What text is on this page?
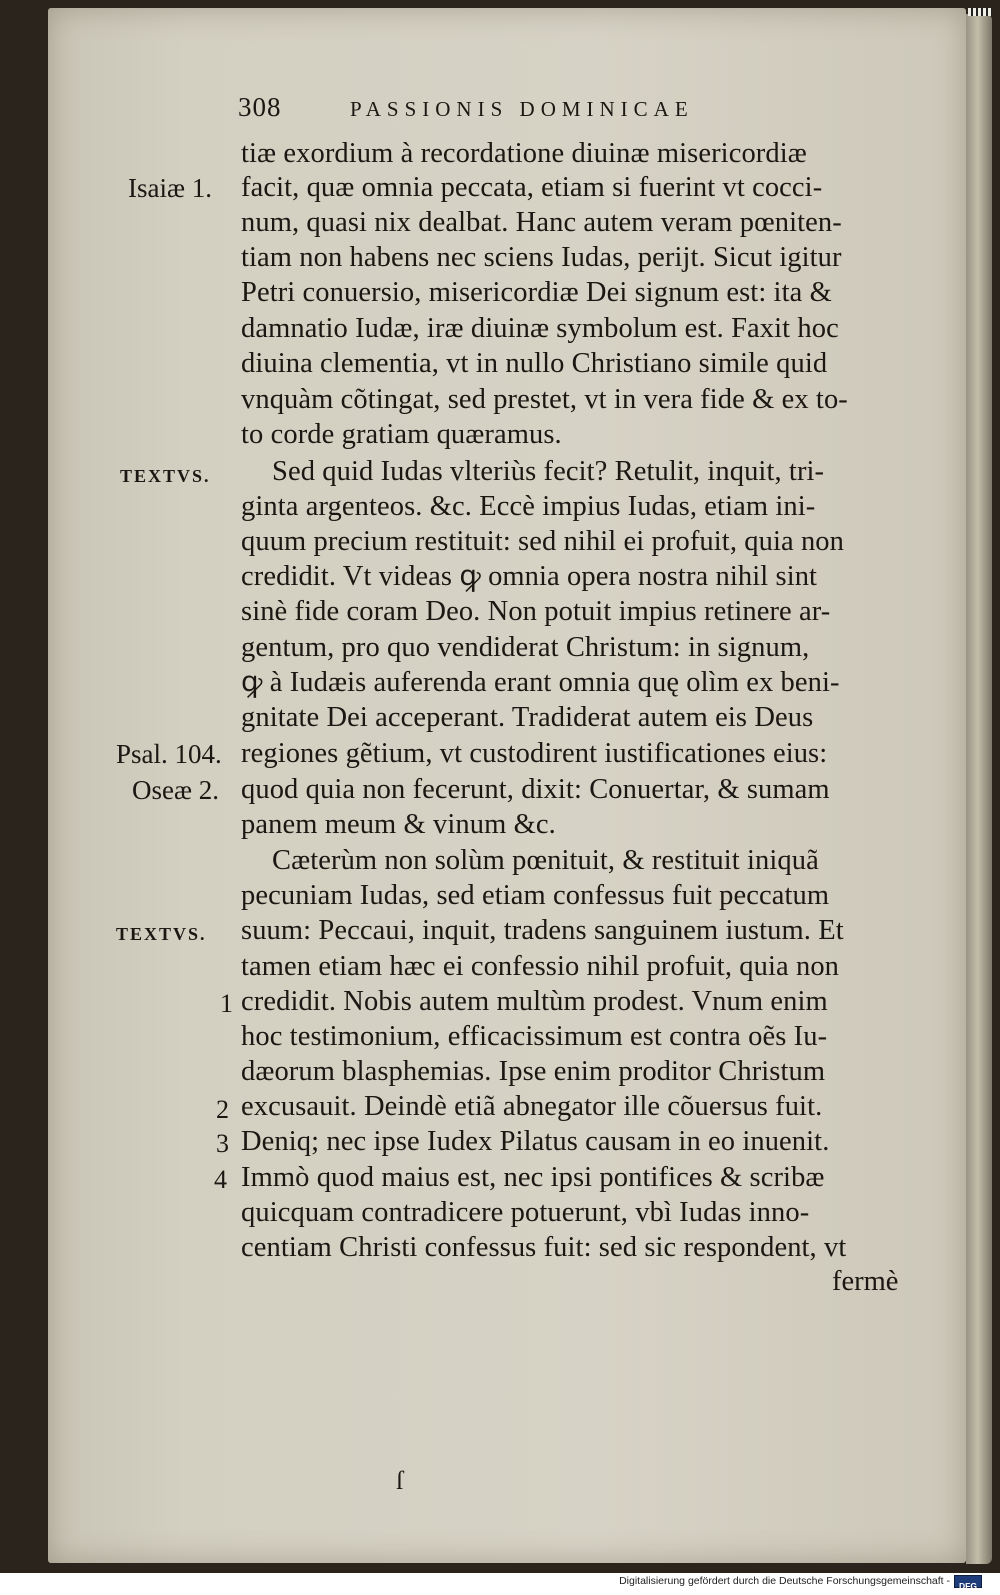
308	PASSIONIS DOMINICAE
Isaiæ 1.
TEXTVS.
Psal. 104.
Oseæ 2.
TEXTVS.
1
2
3
4
tiæ exordium à recordatione diuinæ misericordiæ
facit, quæ omnia peccata, etiam si fuerint vt cocci-
num, quasi nix dealbat. Hanc autem veram pœniten-
tiam non habens nec sciens Iudas, perijt. Sicut igitur
Petri conuersio, misericordiæ Dei signum est: ita &
damnatio Iudæ, iræ diuinæ symbolum est. Faxit hoc
diuina clementia, vt in nullo Christiano simile quid
vnquàm cõtingat, sed prestet, vt in vera fide & ex to-
to corde gratiam quæramus.
Sed quid Iudas vlteriùs fecit? Retulit, inquit, tri-
ginta argenteos. &c. Eccè impius Iudas, etiam ini-
quum precium restituit: sed nihil ei profuit, quia non
credidit. Vt videas ꝙ omnia opera nostra nihil sint
sinè fide coram Deo. Non potuit impius retinere ar-
gentum, pro quo vendiderat Christum: in signum,
ꝙ à Iudæis auferenda erant omnia quę olìm ex beni-
gnitate Dei acceperant. Tradiderat autem eis Deus
regiones gẽtium, vt custodirent iustificationes eius:
quod quia non fecerunt, dixit: Conuertar, & sumam
panem meum & vinum &c.
Cæterùm non solùm pœnituit, & restituit iniquã
pecuniam Iudas, sed etiam confessus fuit peccatum
suum: Peccaui, inquit, tradens sanguinem iustum. Et
tamen etiam hæc ei confessio nihil profuit, quia non
credidit. Nobis autem multùm prodest. Vnum enim
hoc testimonium, efficacissimum est contra oẽs Iu-
dæorum blasphemias. Ipse enim proditor Christum
excusauit. Deindè etiã abnegator ille cõuersus fuit.
Deniq; nec ipse Iudex Pilatus causam in eo inuenit.
Immò quod maius est, nec ipsi pontifices & scribæ
quicquam contradicere potuerunt, vbì Iudas inno-
centiam Christi confessus fuit: sed sic respondent, vt
fermè
ſ
Digitalisierung gefördert durch die Deutsche Forschungsgemeinschaft - DFG
